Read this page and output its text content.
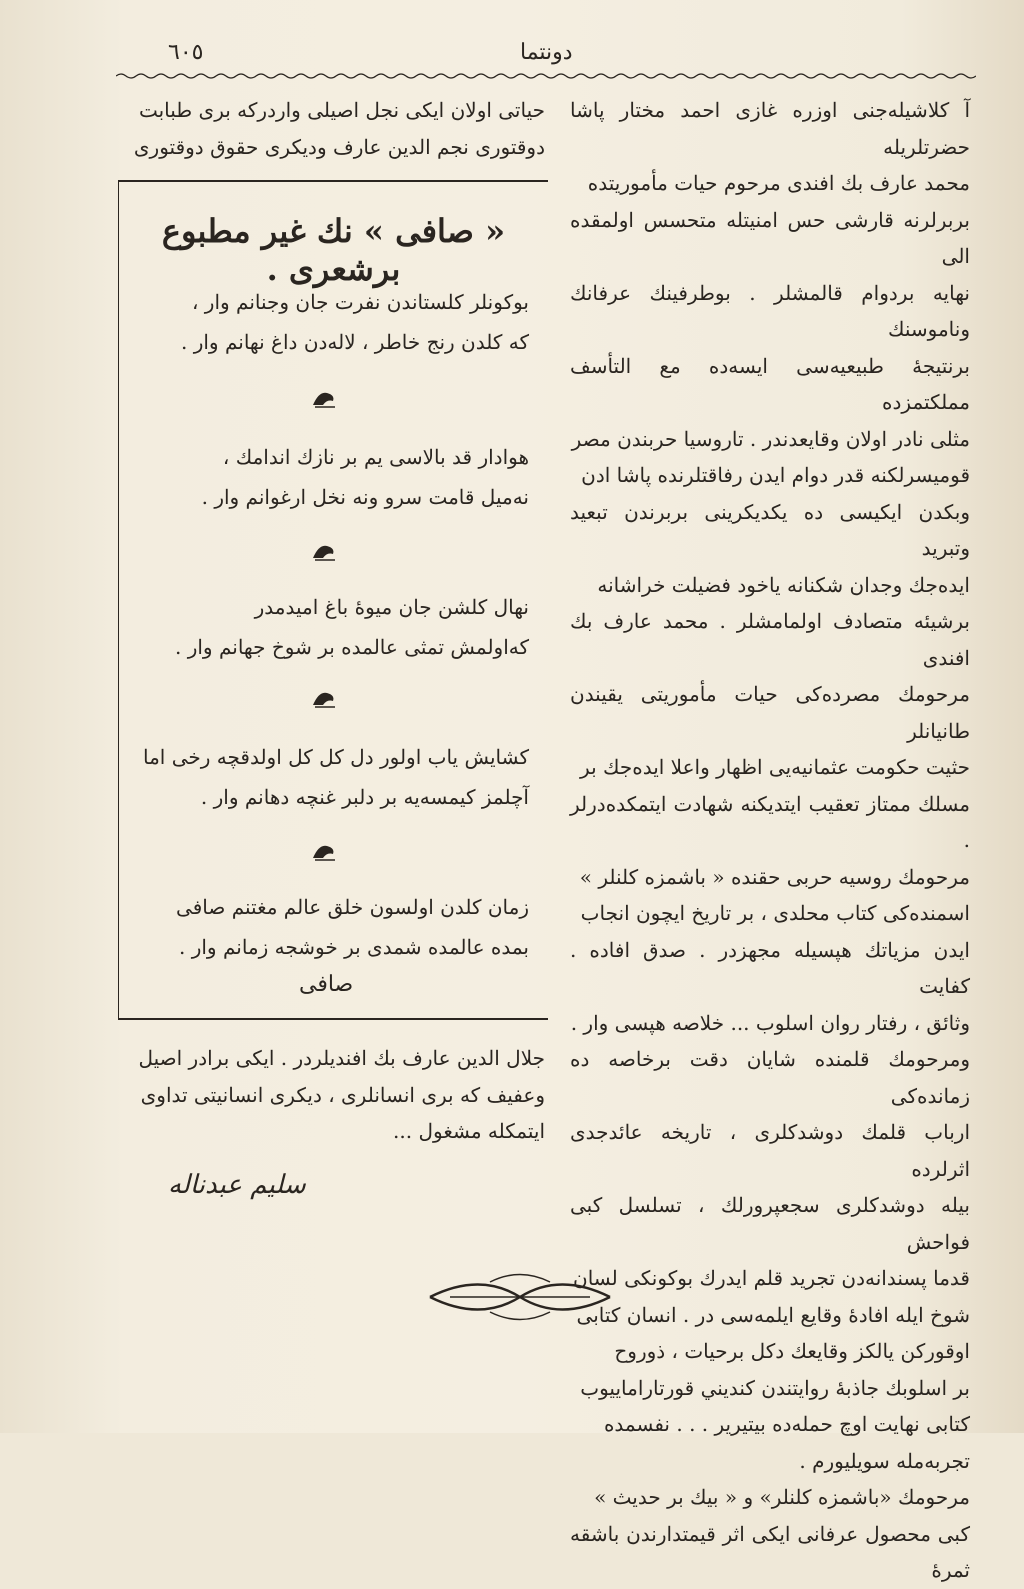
٦٠٥	دونتما

آ كلاشيله‌جنى اوزره غازى احمد مختار پاشا حضرتلريله

محمد عارف بك افندى مرحوم حيات مأموريتده

بربرلرنه قارشى حس امنيتله متحسس اولمقده الى

نهايه بردوام قالمشلر . بوطرفينك عرفانك وناموسنك

برنتيجهٔ طبيعيه‌سى ايسه‌ده مع التأسف مملكتمزده

مثلى نادر اولان وقايعدندر . تاروسيا حربندن مصر

قوميسرلكنه قدر دوام ايدن رفاقتلرنده پاشا ادن

وبكدن ايكيسى ده يكديكرينى بربرندن تبعيد وتبريد

ايده‌جك وجدان شكنانه ياخود فضيلت خراشانه

برشيئه متصادف اولمامشلر . محمد عارف بك افندى

مرحومك مصرده‌كى حيات مأموريتى يقيندن طانيانلر

حثيت حكومت عثمانيه‌يى اظهار واعلا ايده‌جك بر

مسلك ممتاز تعقيب ايتديكنه شهادت ايتمكده‌درلر .

مرحومك روسيه حربى حقنده « باشمزه كلنلر »

اسمنده‌كى كتاب محلدى ، بر تاريخ ايچون انجاب

ايدن مزياتك هپسيله مجهزدر . صدق افاده . كفايت

وثائق ، رفتار روان اسلوب ... خلاصه هپسى وار .

ومرحومك قلمنده شايان دقت برخاصه ده زمانده‌كى

ارباب قلمك دوشدكلرى ، تاريخه عائدجدى اثرلرده

بيله دوشدكلرى سجعپرورلك ، تسلسل كبى فواحش

قدما پسندانه‌دن تجريد قلم ايدرك بوكونكى لسان

شوخ ايله افادهٔ وقايع ايلمه‌سى در . انسان كتابى

اوقوركن يالكز وقايعك دكل برحيات ، ذوروح

بر اسلوبك جاذبهٔ روايتندن كنديني قورتاراماييوب

كتابى نهايت اوچ حمله‌ده بيتيرير . . . نفسمده

تجربه‌مله سويليورم .

مرحومك «باشمزه كلنلر» و « بيك بر حديث »

كبى محصول عرفانى ايكى اثر قيمتدارندن باشقه ثمرهٔ

حياتى اولان ايكى نجل اصيلى واردركه برى طبابت

دوقتورى نجم الدين عارف وديكرى حقوق دوقتورى

« صافى » نك غير مطبوع برشعرى .
بوكونلر كلستاندن نفرت جان وجنانم وار ،
كه كلدن رنج خاطر ، لاله‌دن داغ نهانم وار .
هوادار قد بالاسى يم بر نازك اندامك ،
نه‌ميل قامت سرو ونه نخل ارغوانم وار .
نهال كلشن جان ميوهٔ باغ اميدمدر
كه‌اولمش تمثى عالمده بر شوخ جهانم وار .
كشايش ياب اولور دل كل كل اولدقچه رخى اما
آچلمز كيمسه‌يه بر دلبر غنچه دهانم وار .
زمان كلدن اولسون خلق عالم مغتنم صافى
بمده عالمده شمدى بر خوشجه زمانم وار .
صافى

جلال الدين عارف بك افنديلردر . ايكى برادر اصيل

وعفيف كه برى انسانلرى ، ديكرى انسانيتى تداوى

ايتمكله مشغول ...

سليم عبدناله
